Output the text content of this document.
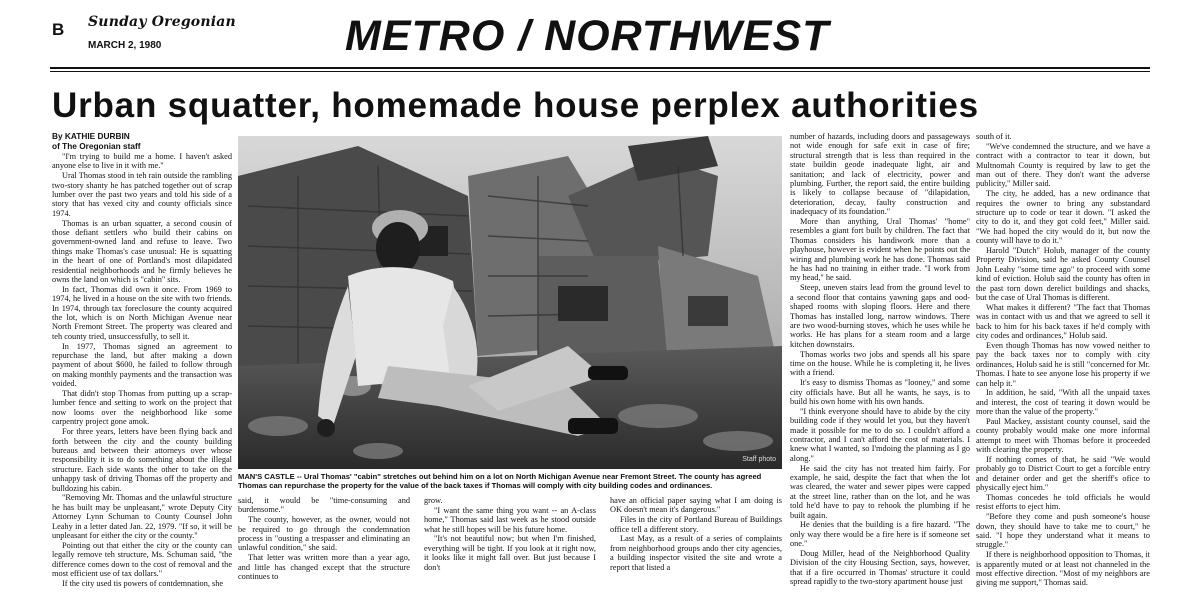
B Sunday Oregonian
MARCH 2, 1980	METRO / NORTHWEST
Urban squatter, homemade house perplex authorities

By KATHIE DURBIN

of The Oregonian staff

"I'm trying to build me a home. I haven't asked anyone else to live in it with me."

Ural Thomas stood in teh rain outside the rambling two-story shanty he has patched together out of scrap lumber over the past two years and told his side of a story that has vexed city and county officials since 1974.

Thomas is an urban squatter, a second cousin of those defiant settlers who build their cabins on government-owned land and refuse to leave. Two things make Thomas's case unusual: He is squatting in the heart of one of Portland's most dilapidated residential neighborhoods and he firmly believes he owns the land on which is "cabin" sits.

In fact, Thomas did own it once. From 1969 to 1974, he lived in a house on the site with two friends. In 1974, through tax foreclosure the county acquired the lot, which is on North Michigan Avenue near North Fremont Street. The property was cleared and teh county tried, unsuccessfully, to sell it.

In 1977, Thomas signed an agreement to repurchase the land, but after making a down payment of about $600, he failed to follow through on making monthly payments and the transaction was voided.

That didn't stop Thomas from putting up a scrap-lumber fence and setting to work on the project that now looms over the neighborhood like some carpentry project gone amok.

For three years, letters have been flying back and forth between the city and the county building bureaus and between their attorneys over whose responsibility it is to do something about the illegal structure. Each side wants the other to take on the unhappy task of driving Thomas off the property and bulldozing his cabin.

"Removing Mr. Thomas and the unlawful structure he has built may be unpleasant," wrote Deputy City Attorney Lynn Schuman to County Counsel John Leahy in a letter dated Jan. 22, 1979. "If so, it will be unpleasant for either the city or the county."

Pointing out that either the city or the county can legally remove teh structure, Ms. Schuman said, "the difference comes down to the cost of removal and the most efficient use of tax dollars."

If the city used tis powers of contdemnation, she

Staff photo
MAN'S CASTLE -- Ural Thomas' "cabin" stretches out behind him on a lot on North Michigan Avenue near Fremont Street. The county has agreed Thomas can repurchase the property for the value of the back taxes if Thomas will comply with city building codes and ordinances.

said, it would be "time-consuming and burdensome."

The county, however, as the owner, would not be required to go through the condemnation process in "ousting a trespasser and eliminating an unlawful condition," she said.

That letter was written more than a year ago, and little has changed except that the structure continues to

grow.

"I want the same thing you want -- an A-class home," Thomas said last week as he stood outside what he still hopes will be his future home.

"It's not beautiful now; but when I'm finished, everything will be tight. If you look at it right now, it looks like it might fall over. But just because I don't

have an official paper saying what I am doing is OK doesn't mean it's dangerous."

Files in the city of Portland Bureau of Buildings office tell a different story.

Last May, as a result of a series of complaints from neighborhood groups ando ther city agencies, a building inspector visited the site and wrote a report that listed a

number of hazards, including doors and passageways not wide enough for safe exit in case of fire; structural strength that is less than required in the state buildin geode inadequate light, air and sanitation; and lack of electricity, power and plumbing. Further, the report said, the entire building is likely to collapse because of "dilapidation, deterioration, decay, faulty construction and inadequacy of its foundation."

More than anything, Ural Thomas' "home" resembles a giant fort built by children. The fact that Thomas considers his handiwork more than a playhouse, however is evident when he points out the wiring and plumbing work he has done. Thomas said he has had no training in either trade. "I work from my head," he said.

Steep, uneven stairs lead from the ground level to a second floor that contains yawning gaps and ood-shaped rooms with sloping floors. Here and there Thomas has installed long, narrow windows. There are two wood-burning stoves, which he uses while he works. He has plans for a steam room and a large kitchen downstairs.

Thomas works two jobs and spends all his spare time on the house. While he is completing it, he lives with a friend.

It's easy to dismiss Thomas as "looney," and some city officials have. But all he wants, he says, is to build his own home with his own hands.

"I think everyone should have to abide by the city building code if they would let you, but they haven't made it possible for me to do so. I couldn't afford a contractor, and I can't afford the cost of materials. I knew what I wanted, so I'mdoing the planning as I go along."

He said the city has not treated him fairly. For example, he said, despite the fact that when the lot was cleared, the water and sewer pipes were capped at the street line, rather than on the lot, and he was told he'd have to pay to rehook the plumbing if he built again.

He denies that the building is a fire hazard. "The only way there would be a fire here is if someone set one."

Doug Miller, head of the Neighborhood Quality Division of the city Housing Section, says, however, that if a fire occurred in Thomas' structure it could spread rapidly to the two-story apartment house just

south of it.

"We've condemned the structure, and we have a contract with a contractor to tear it down, but Multnomah County is required by law to get the man out of there. They don't want the adverse publicity," Miller said.

The city, he added, has a new ordinance that requires the owner to bring any substandard structure up to code or tear it down. "I asked the city to do it, and they got cold feet," Miller said. "We had hoped the city would do it, but now the county will have to do it."

Harold "Dutch" Holub, manager of the county Property Division, said he asked County Counsel John Leahy "some time ago" to proceed with some kind of eviction. Holub said the county has often in the past torn down derelict buildings and shacks, but the case of Ural Thomas is different.

What makes it different? "The fact that Thomas was in contact with us and that we agreed to sell it back to him for his back taxes if he'd comply with city codes and ordinances," Holub said.

Even though Thomas has now vowed neither to pay the back taxes nor to comply with city ordinances, Holub said he is still "concerned for Mr. Thomas. I hate to see anyone lose his property if we can help it."

In addition, he said, "With all the unpaid taxes and interest, the cost of tearing it down would be more than the value of the property."

Paul Mackey, assistant county counsel, said the county probably would make one more informal attempt to meet with Thomas before it proceeded with clearing the property.

If nothing comes of that, he said "We would probably go to District Court to get a forcible entry and detainer order and get the sheriff's ofice to physically eject him."

Thomas concedes he told officials he would resist efforts to eject him.

"Before they come and push someone's house down, they should have to take me to court," he said. "I hope they understand what it means to struggle."

If there is neighborhood opposition to Thomas, it is apparently muted or at least not channeled in the most effective direction. "Most of my neighbors are giving me support," Thomas said.
